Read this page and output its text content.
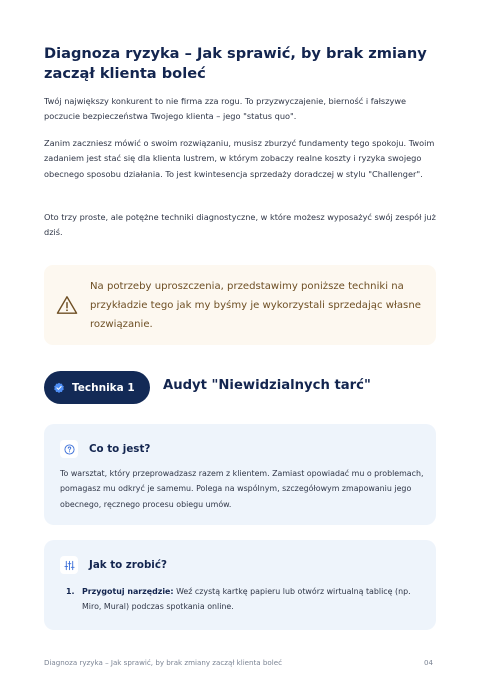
Diagnoza ryzyka – Jak sprawić, by brak zmiany zaczął klienta boleć

Twój największy konkurent to nie firma zza rogu. To przyzwyczajenie, bierność i fałszywe poczucie bezpieczeństwa Twojego klienta – jego "status quo".

Zanim zaczniesz mówić o swoim rozwiązaniu, musisz zburzyć fundamenty tego spokoju. Twoim zadaniem jest stać się dla klienta lustrem, w którym zobaczy realne koszty i ryzyka swojego obecnego sposobu działania. To jest kwintesencja sprzedaży doradczej w stylu "Challenger".

Oto trzy proste, ale potężne techniki diagnostyczne, w które możesz wyposażyć swój zespół już dziś.

Na potrzeby uproszczenia, przedstawimy poniższe techniki na przykładzie tego jak my byśmy je wykorzystali sprzedając własne rozwiązanie.
Technika 1 Audyt "Niewidzialnych tarć"
Co to jest?
To warsztat, który przeprowadzasz razem z klientem. Zamiast opowiadać mu o problemach, pomagasz mu odkryć je samemu. Polega na wspólnym, szczegółowym zmapowaniu jego obecnego, ręcznego procesu obiegu umów.
Jak to zrobić?
1. Przygotuj narzędzie: Weź czystą kartkę papieru lub otwórz wirtualną tablicę (np. Miro, Mural) podczas spotkania online.
Diagnoza ryzyka – Jak sprawić, by brak zmiany zaczął klienta boleć	04
